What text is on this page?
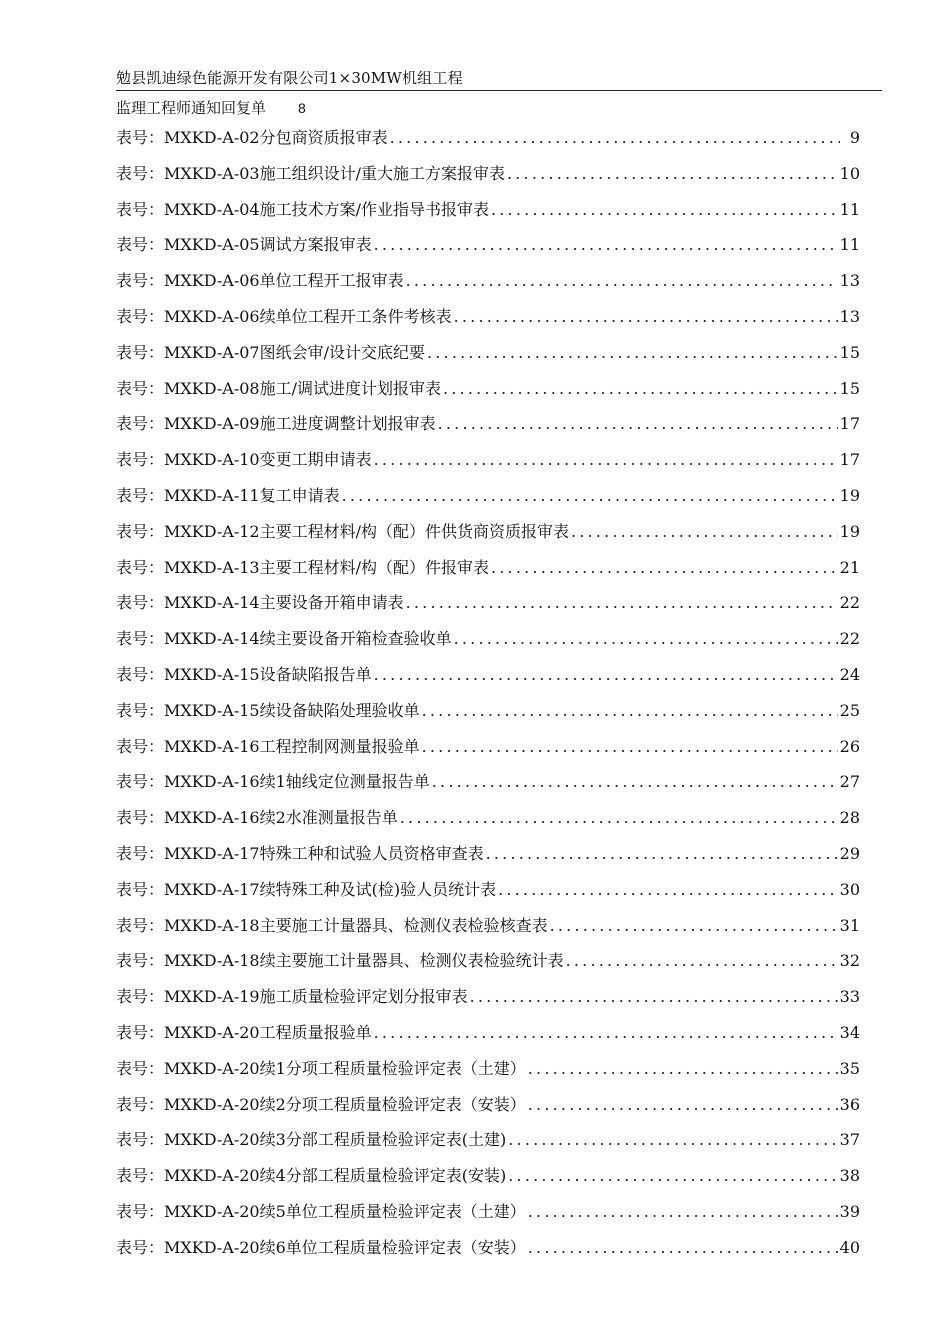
勉县凯迪绿色能源开发有限公司1×30MW机组工程
监理工程师通知回复单 8
表号：MXKD-A-02分包商资质报审表 .....	9
表号：MXKD-A-03施工组织设计/重大施工方案报审表 .....	10
表号：MXKD-A-04施工技术方案/作业指导书报审表 .....	11
表号：MXKD-A-05调试方案报审表 .....	11
表号：MXKD-A-06单位工程开工报审表 .....	13
表号：MXKD-A-06续单位工程开工条件考核表 .....	13
表号：MXKD-A-07图纸会审/设计交底纪要 .....	15
表号：MXKD-A-08施工/调试进度计划报审表 .....	15
表号：MXKD-A-09施工进度调整计划报审表 .....	17
表号：MXKD-A-10变更工期申请表 .....	17
表号：MXKD-A-11复工申请表 .....	19
表号：MXKD-A-12主要工程材料/构（配）件供货商资质报审表 .....	19
表号：MXKD-A-13主要工程材料/构（配）件报审表 .....	21
表号：MXKD-A-14主要设备开箱申请表 .....	22
表号：MXKD-A-14续主要设备开箱检查验收单 .....	22
表号：MXKD-A-15设备缺陷报告单 .....	24
表号：MXKD-A-15续设备缺陷处理验收单 .....	25
表号：MXKD-A-16工程控制网测量报验单 .....	26
表号：MXKD-A-16续1轴线定位测量报告单 .....	27
表号：MXKD-A-16续2水准测量报告单 .....	28
表号：MXKD-A-17特殊工种和试验人员资格审查表 .....	29
表号：MXKD-A-17续特殊工种及试(检)验人员统计表 .....	30
表号：MXKD-A-18主要施工计量器具、检测仪表检验核查表 .....	31
表号：MXKD-A-18续主要施工计量器具、检测仪表检验统计表 .....	32
表号：MXKD-A-19施工质量检验评定划分报审表 .....	33
表号：MXKD-A-20工程质量报验单 .....	34
表号：MXKD-A-20续1分项工程质量检验评定表（土建） .....	35
表号：MXKD-A-20续2分项工程质量检验评定表（安装） .....	36
表号：MXKD-A-20续3分部工程质量检验评定表(土建) .....	37
表号：MXKD-A-20续4分部工程质量检验评定表(安装) .....	38
表号：MXKD-A-20续5单位工程质量检验评定表（土建） .....	39
表号：MXKD-A-20续6单位工程质量检验评定表（安装） .....	40
